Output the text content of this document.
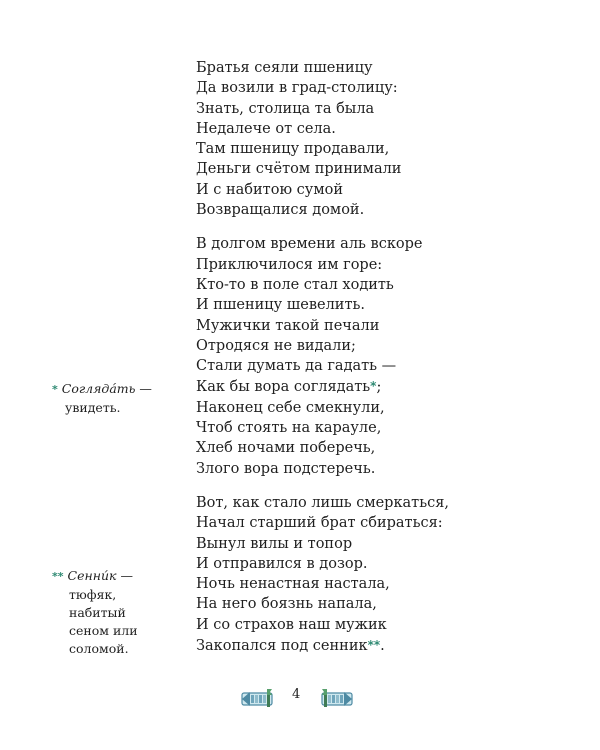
Братья сеяли пшеницу
Да возили в град-столицу:
Знать, столица та была
Недалече от села.
Там пшеницу продавали,
Деньги счётом принимали
И с набитою сумой
Возвращалися домой.
В долгом времени аль вскоре
Приключилося им горе:
Кто-то в поле стал ходить
И пшеницу шевелить.
Мужички такой печали
Отродяся не видали;
Стали думать да гадать —
Как бы вора соглядать*;
Наконец себе смекнули,
Чтоб стоять на карауле,
Хлеб ночами поберечь,
Злого вора подстеречь.
Вот, как стало лишь смеркаться,
Начал старший брат сбираться:
Вынул вилы и топор
И отправился в дозор.
Ночь ненастная настала,
На него боязнь напала,
И со страхов наш мужик
Закопался под сенник**.
* Соглядáть —
увидеть.
** Сенни́к —
тюфяк,
набитый
сеном или
соломой.
4
